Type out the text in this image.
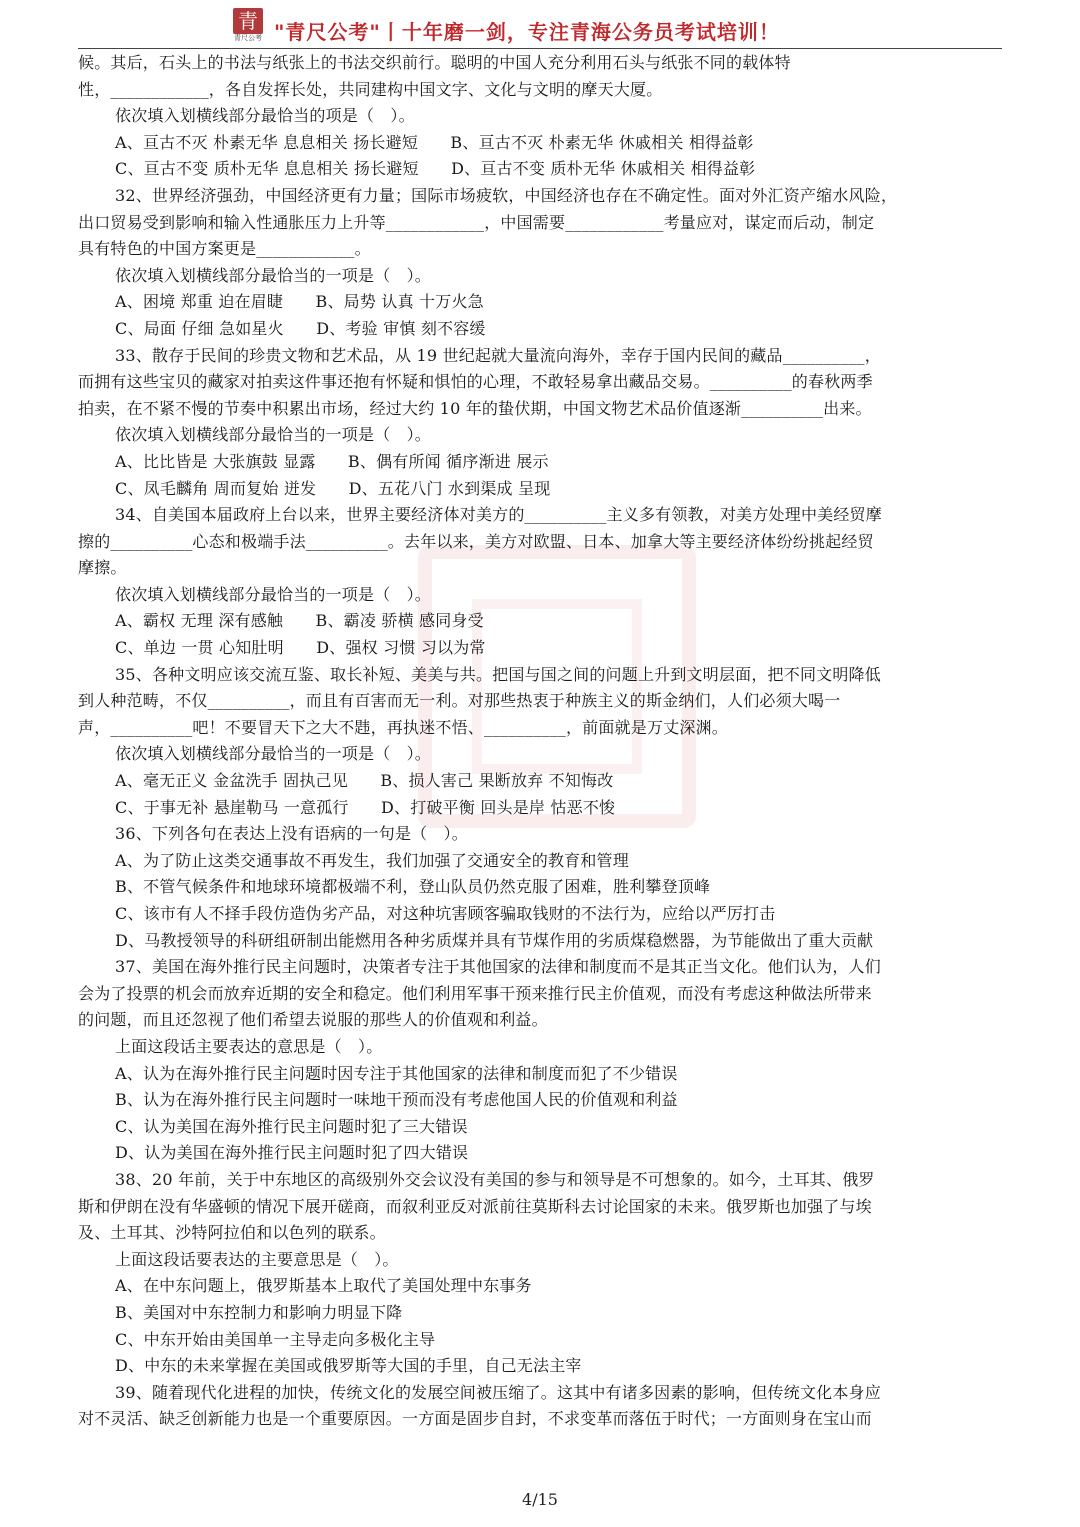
青
青尺公考 "青尺公考"丨十年磨一剑，专注青海公务员考试培训！
候。其后，石头上的书法与纸张上的书法交织前行。聪明的中国人充分利用石头与纸张不同的载体特
性，____________，各自发挥长处，共同建构中国文字、文化与文明的摩天大厦。
依次填入划横线部分最恰当的项是（　）。
A、亘古不灭 朴素无华 息息相关 扬长避短　　B、亘古不灭 朴素无华 休戚相关 相得益彰
C、亘古不变 质朴无华 息息相关 扬长避短　　D、亘古不变 质朴无华 休戚相关 相得益彰
32、世界经济强劲，中国经济更有力量；国际市场疲软，中国经济也存在不确定性。面对外汇资产缩水风险，
出口贸易受到影响和输入性通胀压力上升等____________，中国需要____________考量应对，谋定而后动，制定
具有特色的中国方案更是____________。
依次填入划横线部分最恰当的一项是（　）。
A、困境 郑重 迫在眉睫　　B、局势 认真 十万火急
C、局面 仔细 急如星火　　D、考验 审慎 刻不容缓
33、散存于民间的珍贵文物和艺术品，从 19 世纪起就大量流向海外，幸存于国内民间的藏品__________，
而拥有这些宝贝的藏家对拍卖这件事还抱有怀疑和惧怕的心理，不敢轻易拿出藏品交易。__________的春秋两季
拍卖，在不紧不慢的节奏中积累出市场，经过大约 10 年的蛰伏期，中国文物艺术品价值逐渐__________出来。
依次填入划横线部分最恰当的一项是（　）。
A、比比皆是 大张旗鼓 显露　　B、偶有所闻 循序渐进 展示
C、凤毛麟角 周而复始 迸发　　D、五花八门 水到渠成 呈现
34、自美国本届政府上台以来，世界主要经济体对美方的__________主义多有领教，对美方处理中美经贸摩
擦的__________心态和极端手法__________。去年以来，美方对欧盟、日本、加拿大等主要经济体纷纷挑起经贸
摩擦。
依次填入划横线部分最恰当的一项是（　）。
A、霸权 无理 深有感触　　B、霸凌 骄横 感同身受
C、单边 一贯 心知肚明　　D、强权 习惯 习以为常
35、各种文明应该交流互鉴、取长补短、美美与共。把国与国之间的问题上升到文明层面，把不同文明降低
到人种范畴，不仅__________，而且有百害而无一利。对那些热衷于种族主义的斯金纳们，人们必须大喝一
声，__________吧！不要冒天下之大不韪，再执迷不悟、__________，前面就是万丈深渊。
依次填入划横线部分最恰当的一项是（　）。
A、毫无正义 金盆洗手 固执己见　　B、损人害己 果断放弃 不知悔改
C、于事无补 悬崖勒马 一意孤行　　D、打破平衡 回头是岸 怙恶不悛
36、下列各句在表达上没有语病的一句是（　）。
A、为了防止这类交通事故不再发生，我们加强了交通安全的教育和管理
B、不管气候条件和地球环境都极端不利，登山队员仍然克服了困难，胜利攀登顶峰
C、该市有人不择手段仿造伪劣产品，对这种坑害顾客骗取钱财的不法行为，应给以严厉打击
D、马教授领导的科研组研制出能燃用各种劣质煤并具有节煤作用的劣质煤稳燃器，为节能做出了重大贡献
37、美国在海外推行民主问题时，决策者专注于其他国家的法律和制度而不是其正当文化。他们认为，人们
会为了投票的机会而放弃近期的安全和稳定。他们利用军事干预来推行民主价值观，而没有考虑这种做法所带来
的问题，而且还忽视了他们希望去说服的那些人的价值观和利益。
上面这段话主要表达的意思是（　）。
A、认为在海外推行民主问题时因专注于其他国家的法律和制度而犯了不少错误
B、认为在海外推行民主问题时一味地干预而没有考虑他国人民的价值观和利益
C、认为美国在海外推行民主问题时犯了三大错误
D、认为美国在海外推行民主问题时犯了四大错误
38、20 年前，关于中东地区的高级别外交会议没有美国的参与和领导是不可想象的。如今，土耳其、俄罗
斯和伊朗在没有华盛顿的情况下展开磋商，而叙利亚反对派前往莫斯科去讨论国家的未来。俄罗斯也加强了与埃
及、土耳其、沙特阿拉伯和以色列的联系。
上面这段话要表达的主要意思是（　）。
A、在中东问题上，俄罗斯基本上取代了美国处理中东事务
B、美国对中东控制力和影响力明显下降
C、中东开始由美国单一主导走向多极化主导
D、中东的未来掌握在美国或俄罗斯等大国的手里，自己无法主宰
39、随着现代化进程的加快，传统文化的发展空间被压缩了。这其中有诸多因素的影响，但传统文化本身应
对不灵活、缺乏创新能力也是一个重要原因。一方面是固步自封，不求变革而落伍于时代；一方面则身在宝山而
4/15
